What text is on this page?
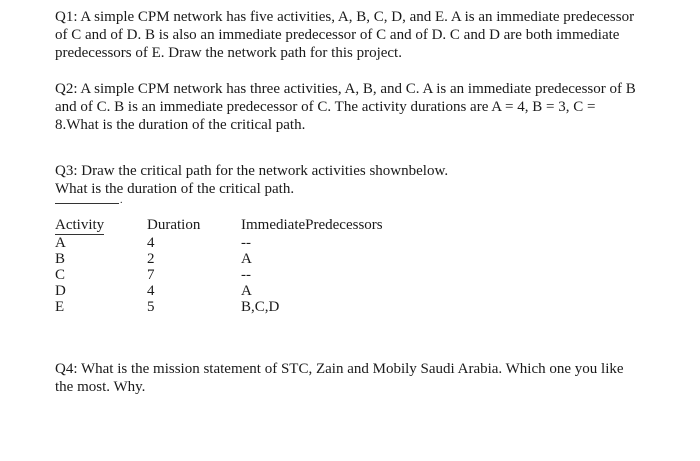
Q1: A simple CPM network has five activities, A, B, C, D, and E. A is an immediate predecessor
of C and of D. B is also an immediate predecessor of C and of D. C and D are both immediate
predecessors of E. Draw the network path for this project.
Q2: A simple CPM network has three activities, A, B, and C. A is an immediate predecessor of B
and of C. B is an immediate predecessor of C. The activity durations are A = 4, B = 3, C =
8.What is the duration of the critical path.
Q3: Draw the critical path for the network activities shownbelow.
What is the duration of the critical path.
.
Activity	Duration	ImmediatePredecessors
A	4	--
B	2	A
C	7	--
D	4	A
E	5	B,C,D
Q4: What is the mission statement of STC, Zain and Mobily Saudi Arabia. Which one you like
the most. Why.
